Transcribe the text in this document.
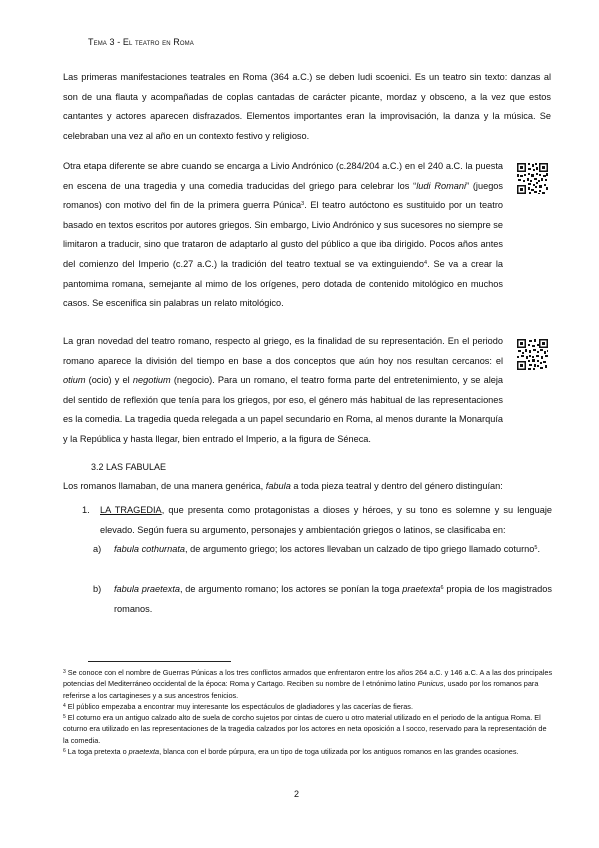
Tema 3 - El teatro en Roma

Las primeras manifestaciones teatrales en Roma (364 a.C.) se deben ludi scoenici. Es un teatro sin texto: danzas al son de una flauta y acompañadas de coplas cantadas de carácter picante, mordaz y obsceno, a la vez que estos cantantes y actores aparecen disfrazados. Elementos importantes eran la improvisación, la danza y la música. Se celebraban una vez al año en un contexto festivo y religioso.

Otra etapa diferente se abre cuando se encarga a Livio Andrónico (c.284/204 a.C.) en el 240 a.C. la puesta en escena de una tragedia y una comedia traducidas del griego para celebrar los “ludi Romani” (juegos romanos) con motivo del fin de la primera guerra Púnica$^3$. El teatro autóctono es sustituido por un teatro basado en textos escritos por autores griegos. Sin embargo, Livio Andrónico y sus sucesores no siempre se limitaron a traducir, sino que trataron de adaptarlo al gusto del público a que iba dirigido. Pocos años antes del comienzo del Imperio (c.27 a.C.) la tradición del teatro textual se va extinguiendo$^4$. Se va a crear la pantomima romana, semejante al mimo de los orígenes, pero dotada de contenido mitológico en muchos casos. Se escenifica sin palabras un relato mitológico.
La gran novedad del teatro romano, respecto al griego, es la finalidad de su representación. En el periodo romano aparece la división del tiempo en base a dos conceptos que aún hoy nos resultan cercanos: el otium (ocio) y el negotium (negocio). Para un romano, el teatro forma parte del entretenimiento, y se aleja del sentido de reflexión que tenía para los griegos, por eso, el género más habitual de las representaciones es la comedia. La tragedia queda relegada a un papel secundario en Roma, al menos durante la Monarquía y la República y hasta llegar, bien entrado el Imperio, a la figura de Séneca.
3.2 LAS FABULAE
Los romanos llamaban, de una manera genérica, fabula a toda pieza teatral y dentro del género distinguían:
1. LA TRAGEDIA, que presenta como protagonistas a dioses y héroes, y su tono es solemne y su lenguaje elevado. Según fuera su argumento, personajes y ambientación griegos o latinos, se clasificaba en:
a) fabula cothurnata, de argumento griego; los actores llevaban un calzado de tipo griego llamado coturno$^5$.
b) fabula praetexta, de argumento romano; los actores se ponían la toga praetexta$^6$ propia de los magistrados romanos.

$^3$ Se conoce con el nombre de Guerras Púnicas a los tres conflictos armados que enfrentaron entre los años 264 a.C. y 146 a.C. A a las dos principales potencias del Mediterráneo occidental de la época: Roma y Cartago. Reciben su nombre de l etnónimo latino Punicus, usado por los romanos para referirse a los cartagineses y a sus ancestros fenicios.

$^4$ El público empezaba a encontrar muy interesante los espectáculos de gladiadores y las cacerías de fieras.

$^5$ El coturno era un antiguo calzado alto de suela de corcho sujetos por cintas de cuero u otro material utilizado en el periodo de la antigua Roma. El coturno era utilizado en las representaciones de la tragedia calzados por los actores en neta oposición a l socco, reservado para la representación de la comedia.

$^6$ La toga pretexta o praetexta, blanca con el borde púrpura, era un tipo de toga utilizada por los antiguos romanos en las grandes ocasiones.

2
